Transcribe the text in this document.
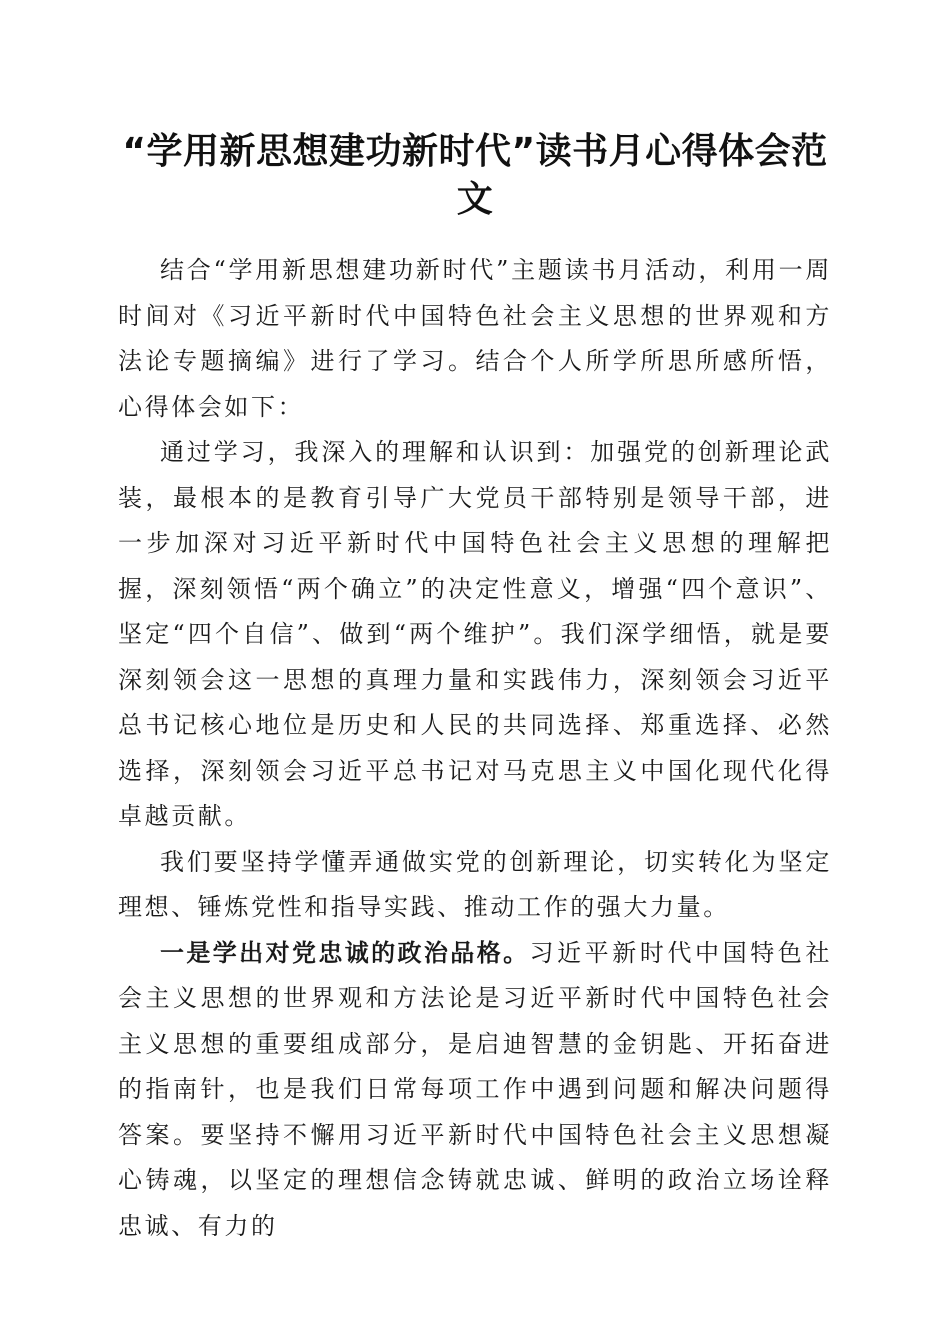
“学用新思想建功新时代”读书月心得体会范文

结合“学用新思想建功新时代”主题读书月活动，利用一周时间对《习近平新时代中国特色社会主义思想的世界观和方法论专题摘编》进行了学习。结合个人所学所思所感所悟，心得体会如下：

通过学习，我深入的理解和认识到：加强党的创新理论武装，最根本的是教育引导广大党员干部特别是领导干部，进一步加深对习近平新时代中国特色社会主义思想的理解把握，深刻领悟“两个确立”的决定性意义，增强“四个意识”、坚定“四个自信”、做到“两个维护”。我们深学细悟，就是要深刻领会这一思想的真理力量和实践伟力，深刻领会习近平总书记核心地位是历史和人民的共同选择、郑重选择、必然选择，深刻领会习近平总书记对马克思主义中国化现代化得卓越贡献。

我们要坚持学懂弄通做实党的创新理论，切实转化为坚定理想、锤炼党性和指导实践、推动工作的强大力量。

一是学出对党忠诚的政治品格。习近平新时代中国特色社会主义思想的世界观和方法论是习近平新时代中国特色社会主义思想的重要组成部分，是启迪智慧的金钥匙、开拓奋进的指南针，也是我们日常每项工作中遇到问题和解决问题得答案。要坚持不懈用习近平新时代中国特色社会主义思想凝心铸魂，以坚定的理想信念铸就忠诚、鲜明的政治立场诠释忠诚、有力的
